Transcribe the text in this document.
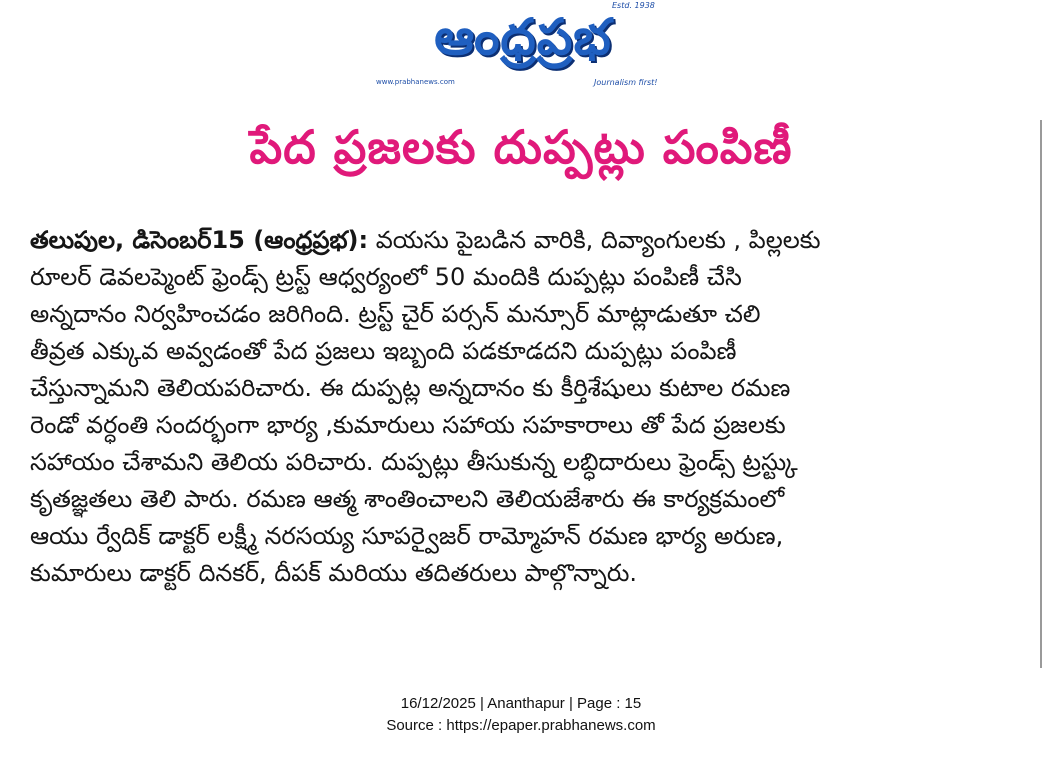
Estd. 1938
ఆంధ్రప్రభ
www.prabhanews.com	Journalism first!
పేద ప్రజలకు దుప్పట్లు పంపిణీ
తలుపుల, డిసెంబర్15 (ఆంధ్రప్రభ): వయసు పైబడిన వారికి, దివ్యాంగులకు , పిల్లలకు
రూలర్ డెవలప్మెంట్ ఫ్రెండ్స్ ట్రస్ట్ ఆధ్వర్యంలో 50 మందికి దుప్పట్లు పంపిణీ చేసి
అన్నదానం నిర్వహించడం జరిగింది. ట్రస్ట్ చైర్ పర్సన్ మన్సూర్ మాట్లాడుతూ చలి
తీవ్రత ఎక్కువ అవ్వడంతో పేద ప్రజలు ఇబ్బంది పడకూడదని దుప్పట్లు పంపిణీ
చేస్తున్నామని తెలియపరిచారు. ఈ దుప్పట్ల అన్నదానం కు కీర్తిశేషులు కుటాల రమణ
రెండో వర్ధంతి సందర్భంగా భార్య ,కుమారులు సహాయ సహకారాలు తో పేద ప్రజలకు
సహాయం చేశామని తెలియ పరిచారు. దుప్పట్లు తీసుకున్న లబ్ధిదారులు ఫ్రెండ్స్ ట్రస్ట్కు
కృతజ్ఞతలు తెలి పారు. రమణ ఆత్మ శాంతించాలని తెలియజేశారు ఈ కార్యక్రమంలో
ఆయు ర్వేదిక్ డాక్టర్ లక్ష్మీ నరసయ్య సూపర్వైజర్ రామ్మోహన్ రమణ భార్య అరుణ,
కుమారులు డాక్టర్ దినకర్, దీపక్ మరియు తదితరులు పాల్గొన్నారు.
16/12/2025 | Ananthapur | Page : 15
Source : https://epaper.prabhanews.com
